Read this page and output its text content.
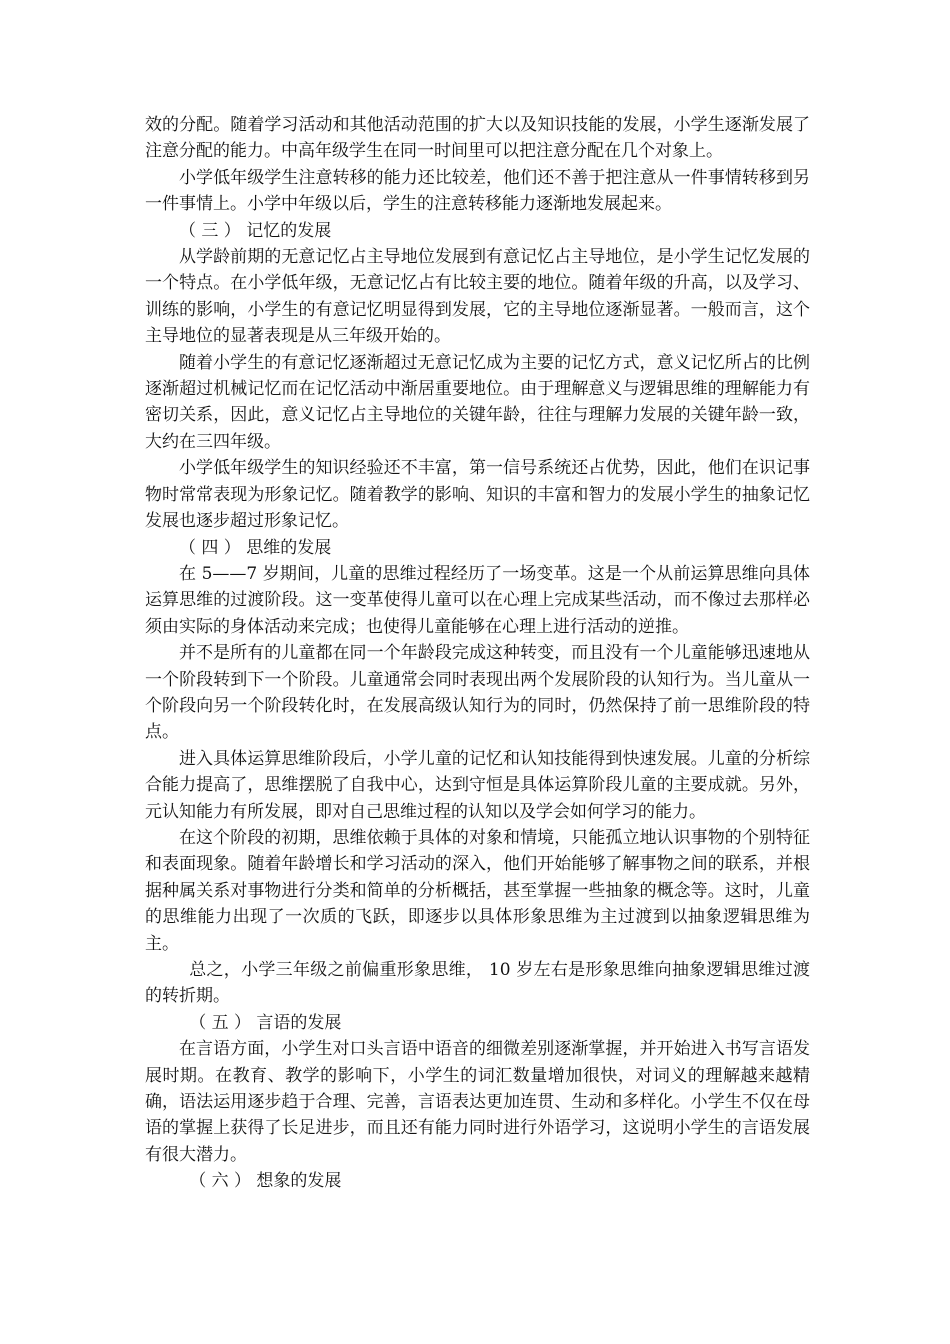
效的分配。随着学习活动和其他活动范围的扩大以及知识技能的发展，小学生逐渐发展了注意分配的能力。中高年级学生在同一时间里可以把注意分配在几个对象上。

小学低年级学生注意转移的能力还比较差，他们还不善于把注意从一件事情转移到另一件事情上。小学中年级以后，学生的注意转移能力逐渐地发展起来。

（ 三 ） 记忆的发展

从学龄前期的无意记忆占主导地位发展到有意记忆占主导地位，是小学生记忆发展的一个特点。在小学低年级，无意记忆占有比较主要的地位。随着年级的升高，以及学习、训练的影响，小学生的有意记忆明显得到发展，它的主导地位逐渐显著。一般而言，这个主导地位的显著表现是从三年级开始的。

随着小学生的有意记忆逐渐超过无意记忆成为主要的记忆方式，意义记忆所占的比例逐渐超过机械记忆而在记忆活动中渐居重要地位。由于理解意义与逻辑思维的理解能力有密切关系，因此，意义记忆占主导地位的关键年龄，往往与理解力发展的关键年龄一致，大约在三四年级。

小学低年级学生的知识经验还不丰富，第一信号系统还占优势，因此，他们在识记事物时常常表现为形象记忆。随着教学的影响、知识的丰富和智力的发展小学生的抽象记忆发展也逐步超过形象记忆。

（ 四 ） 思维的发展

在 5——7 岁期间，儿童的思维过程经历了一场变革。这是一个从前运算思维向具体运算思维的过渡阶段。这一变革使得儿童可以在心理上完成某些活动，而不像过去那样必须由实际的身体活动来完成；也使得儿童能够在心理上进行活动的逆推。

并不是所有的儿童都在同一个年龄段完成这种转变，而且没有一个儿童能够迅速地从一个阶段转到下一个阶段。儿童通常会同时表现出两个发展阶段的认知行为。当儿童从一个阶段向另一个阶段转化时，在发展高级认知行为的同时，仍然保持了前一思维阶段的特点。

进入具体运算思维阶段后，小学儿童的记忆和认知技能得到快速发展。儿童的分析综合能力提高了，思维摆脱了自我中心，达到守恒是具体运算阶段儿童的主要成就。另外，元认知能力有所发展，即对自己思维过程的认知以及学会如何学习的能力。

在这个阶段的初期，思维依赖于具体的对象和情境，只能孤立地认识事物的个别特征和表面现象。随着年龄增长和学习活动的深入，他们开始能够了解事物之间的联系，并根据种属关系对事物进行分类和简单的分析概括，甚至掌握一些抽象的概念等。这时，儿童的思维能力出现了一次质的飞跃，即逐步以具体形象思维为主过渡到以抽象逻辑思维为主。

总之，小学三年级之前偏重形象思维， 10 岁左右是形象思维向抽象逻辑思维过渡的转折期。

（ 五 ） 言语的发展

在言语方面，小学生对口头言语中语音的细微差别逐渐掌握，并开始进入书写言语发展时期。在教育、教学的影响下，小学生的词汇数量增加很快，对词义的理解越来越精确，语法运用逐步趋于合理、完善，言语表达更加连贯、生动和多样化。小学生不仅在母语的掌握上获得了长足进步，而且还有能力同时进行外语学习，这说明小学生的言语发展有很大潜力。

（ 六 ） 想象的发展
